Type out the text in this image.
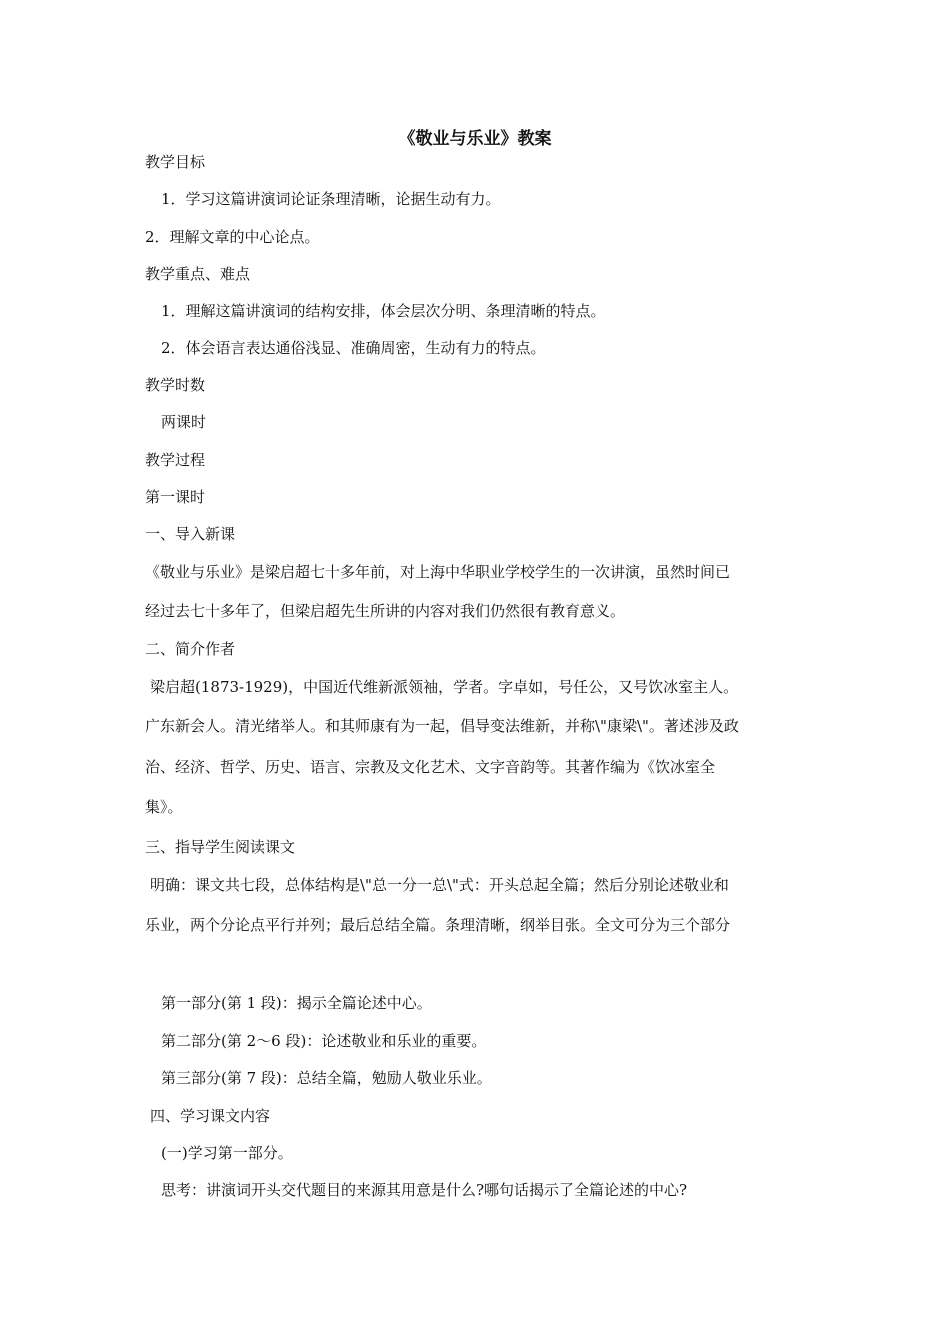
《敬业与乐业》教案
教学目标
1．学习这篇讲演词论证条理清晰，论据生动有力。
2．理解文章的中心论点。
教学重点、难点
1．理解这篇讲演词的结构安排，体会层次分明、条理清晰的特点。
2．体会语言表达通俗浅显、准确周密，生动有力的特点。
教学时数
两课时
教学过程
第一课时
一、导入新课
《敬业与乐业》是梁启超七十多年前，对上海中华职业学校学生的一次讲演，虽然时间已
经过去七十多年了，但梁启超先生所讲的内容对我们仍然很有教育意义。
二、简介作者
梁启超(1873-1929)，中国近代维新派领袖，学者。字卓如，号任公，又号饮冰室主人。
广东新会人。清光绪举人。和其师康有为一起，倡导变法维新，并称\"康梁\"。著述涉及政
治、经济、哲学、历史、语言、宗教及文化艺术、文字音韵等。其著作编为《饮冰室全
集》。
三、指导学生阅读课文
明确：课文共七段，总体结构是\"总一分一总\"式：开头总起全篇；然后分别论述敬业和
乐业，两个分论点平行并列；最后总结全篇。条理清晰，纲举目张。全文可分为三个部分
第一部分(第 1 段)：揭示全篇论述中心。
第二部分(第 2～6 段)：论述敬业和乐业的重要。
第三部分(第 7 段)：总结全篇，勉励人敬业乐业。
四、学习课文内容
(一)学习第一部分。
思考：讲演词开头交代题目的来源其用意是什么?哪句话揭示了全篇论述的中心?
